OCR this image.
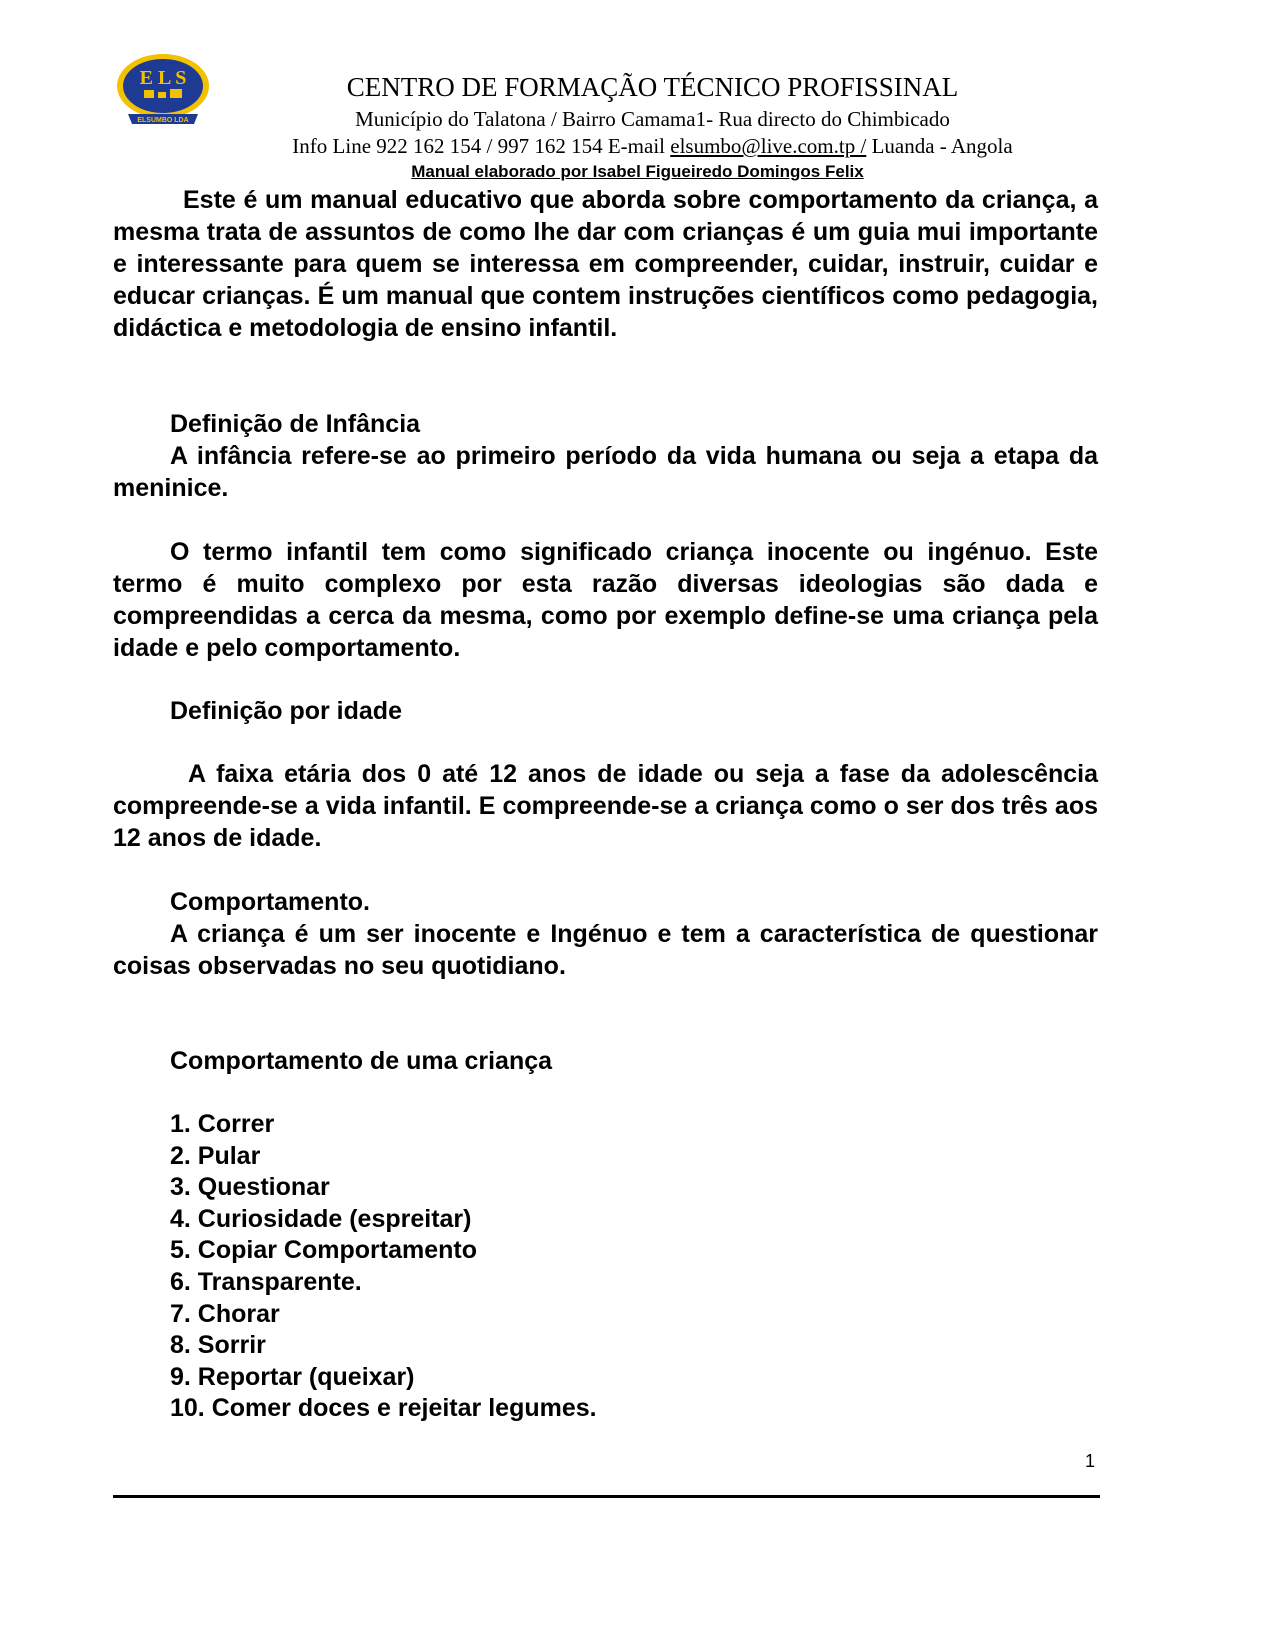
E L S
ELSUMBO LDA
CENTRO DE FORMAÇÃO TÉCNICO PROFISSINAL
Município do Talatona / Bairro Camama1- Rua directo do Chimbicado
Info Line 922 162 154 / 997 162 154 E-mail elsumbo@live.com.tp / Luanda - Angola
Manual elaborado por Isabel Figueiredo Domingos Felix

Este é um manual educativo que aborda sobre comportamento da criança, a mesma trata de assuntos de como lhe dar com crianças é um guia mui importante e interessante para quem se interessa em compreender, cuidar, instruir, cuidar e educar crianças. É um manual que contem instruções científicos como pedagogia, didáctica e metodologia de ensino infantil.

Definição de Infância

A infância refere-se ao primeiro período da vida humana ou seja a etapa da meninice.

O termo infantil tem como significado criança inocente ou ingénuo. Este termo é muito complexo por esta razão diversas ideologias são dada e compreendidas a cerca da mesma, como por exemplo define-se uma criança pela idade e pelo comportamento.

Definição por idade

A faixa etária dos 0 até 12 anos de idade ou seja a fase da adolescência compreende-se a vida infantil. E compreende-se a criança como o ser dos três aos 12 anos de idade.

Comportamento.

A criança é um ser inocente e Ingénuo e tem a característica de questionar coisas observadas no seu quotidiano.

Comportamento de uma criança

1. Correr
2. Pular
3. Questionar
4. Curiosidade (espreitar)
5. Copiar Comportamento
6. Transparente.
7. Chorar
8. Sorrir
9. Reportar (queixar)
10. Comer doces e rejeitar legumes.
1
